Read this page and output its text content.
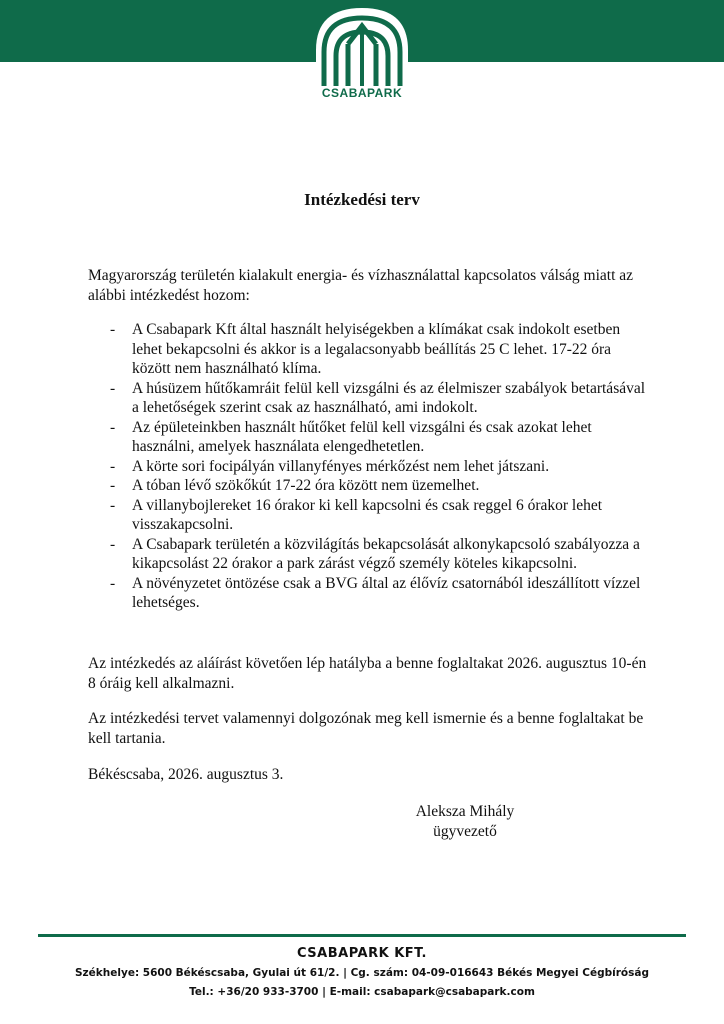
CSABAPARK
Intézkedési terv
Magyarország területén kialakult energia- és vízhasználattal kapcsolatos válság miatt az alábbi intézkedést hozom:
- A Csabapark Kft által használt helyiségekben a klímákat csak indokolt esetben lehet bekapcsolni és akkor is a legalacsonyabb beállítás 25 C lehet. 17-22 óra között nem használható klíma.
- A húsüzem hűtőkamráit felül kell vizsgálni és az élelmiszer szabályok betartásával a lehetőségek szerint csak az használható, ami indokolt.
- Az épületeinkben használt hűtőket felül kell vizsgálni és csak azokat lehet használni, amelyek használata elengedhetetlen.
- A körte sori focipályán villanyfényes mérkőzést nem lehet játszani.
- A tóban lévő szökőkút 17-22 óra között nem üzemelhet.
- A villanybojlereket 16 órakor ki kell kapcsolni és csak reggel 6 órakor lehet visszakapcsolni.
- A Csabapark területén a közvilágítás bekapcsolását alkonykapcsoló szabályozza a kikapcsolást 22 órakor a park zárást végző személy köteles kikapcsolni.
- A növényzetet öntözése csak a BVG által az élővíz csatornából ideszállított vízzel lehetséges.
Az intézkedés az aláírást követően lép hatályba a benne foglaltakat 2026. augusztus 10-én 8 óráig kell alkalmazni.
Az intézkedési tervet valamennyi dolgozónak meg kell ismernie és a benne foglaltakat be kell tartania.
Békéscsaba, 2026. augusztus 3.
Aleksza Mihály
ügyvezető
CSABAPARK KFT.
Székhelye: 5600 Békéscsaba, Gyulai út 61/2. | Cg. szám: 04-09-016643 Békés Megyei Cégbíróság
Tel.: +36/20 933-3700 | E-mail: csabapark@csabapark.com
